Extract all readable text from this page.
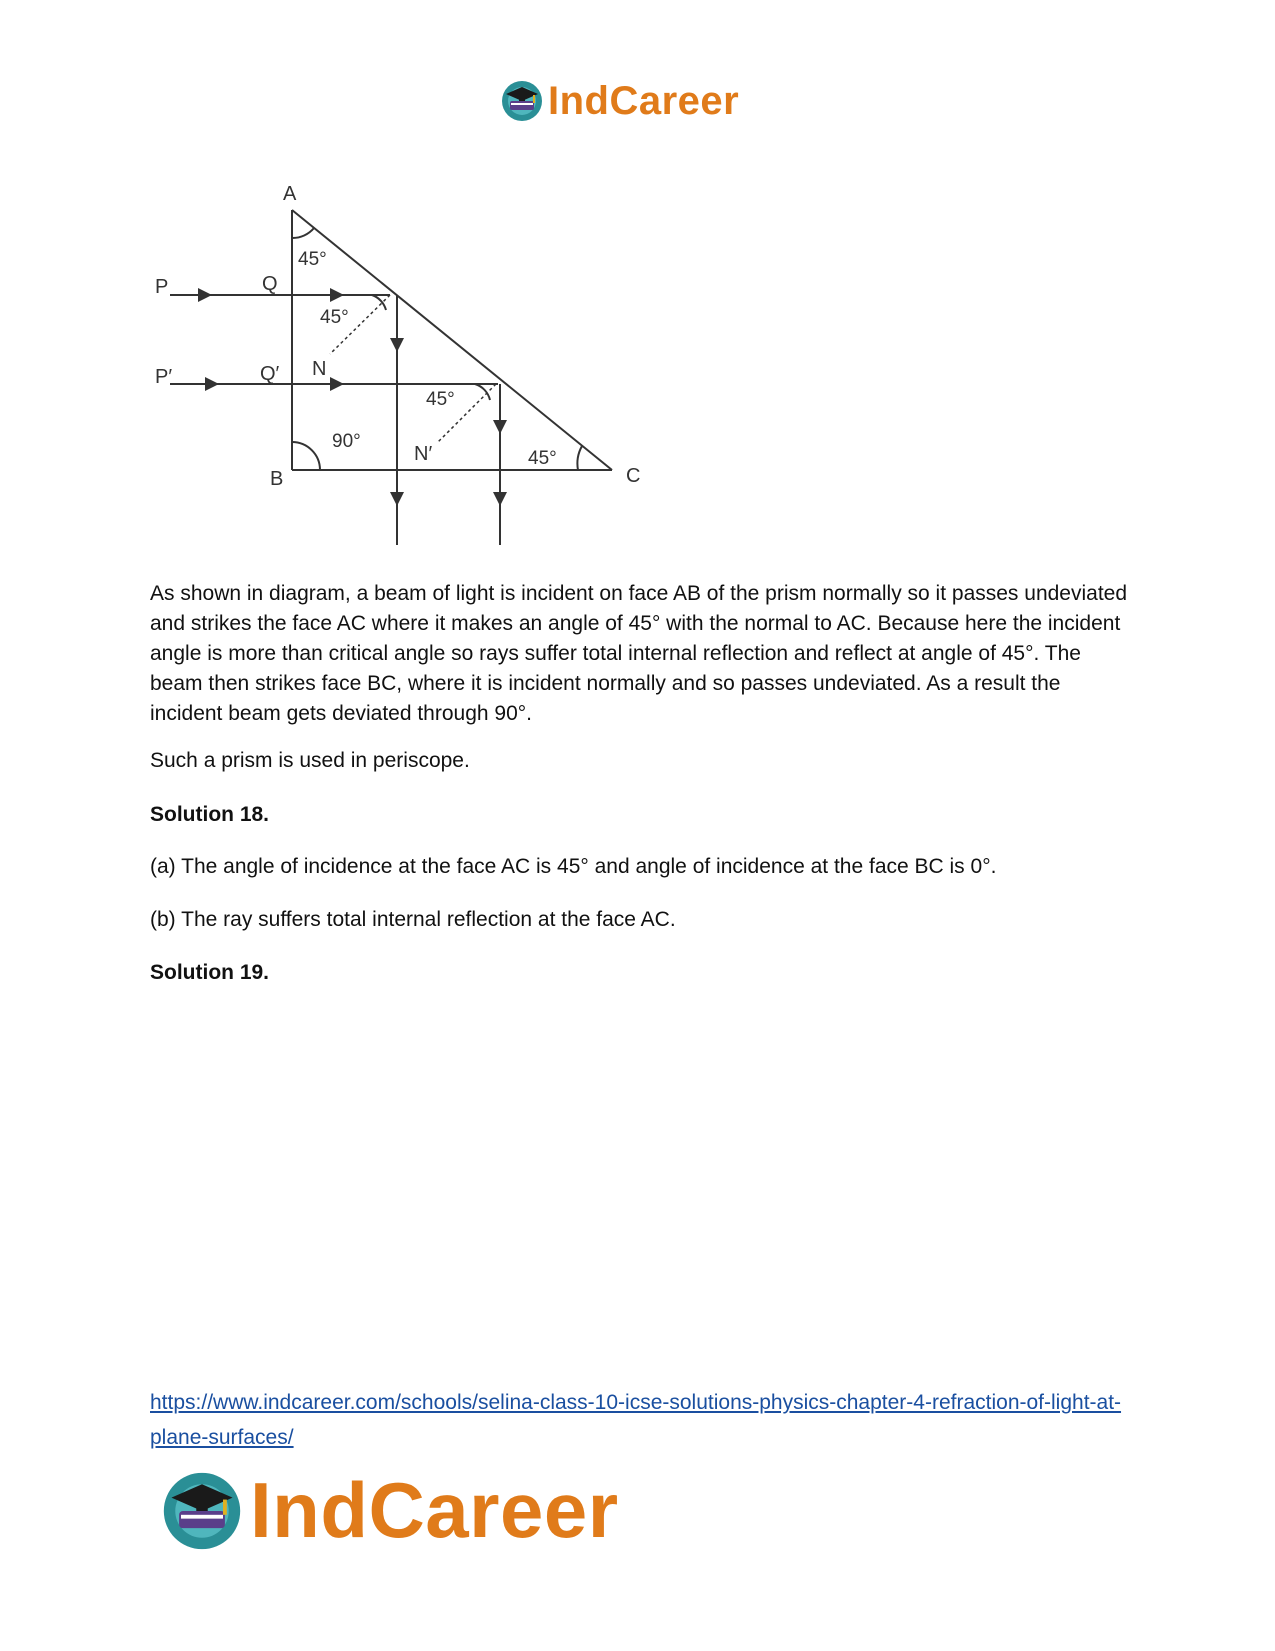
IndCareer
A
B	C
P	Q
P′	Q′ N
N′
45°
45°
45°
90°
45°

As shown in diagram, a beam of light is incident on face AB of the prism normally so it passes undeviated and strikes the face AC where it makes an angle of 45° with the normal to AC. Because here the incident angle is more than critical angle so rays suffer total internal reflection and reflect at angle of 45°. The beam then strikes face BC, where it is incident normally and so passes undeviated. As a result the incident beam gets deviated through 90°.

Such a prism is used in periscope.

Solution 18.

(a) The angle of incidence at the face AC is 45° and angle of incidence at the face BC is 0°.

(b) The ray suffers total internal reflection at the face AC.

Solution 19.

https://www.indcareer.com/schools/selina-class-10-icse-solutions-physics-chapter-4-refraction-of-light-at-plane-surfaces/
IndCareer
